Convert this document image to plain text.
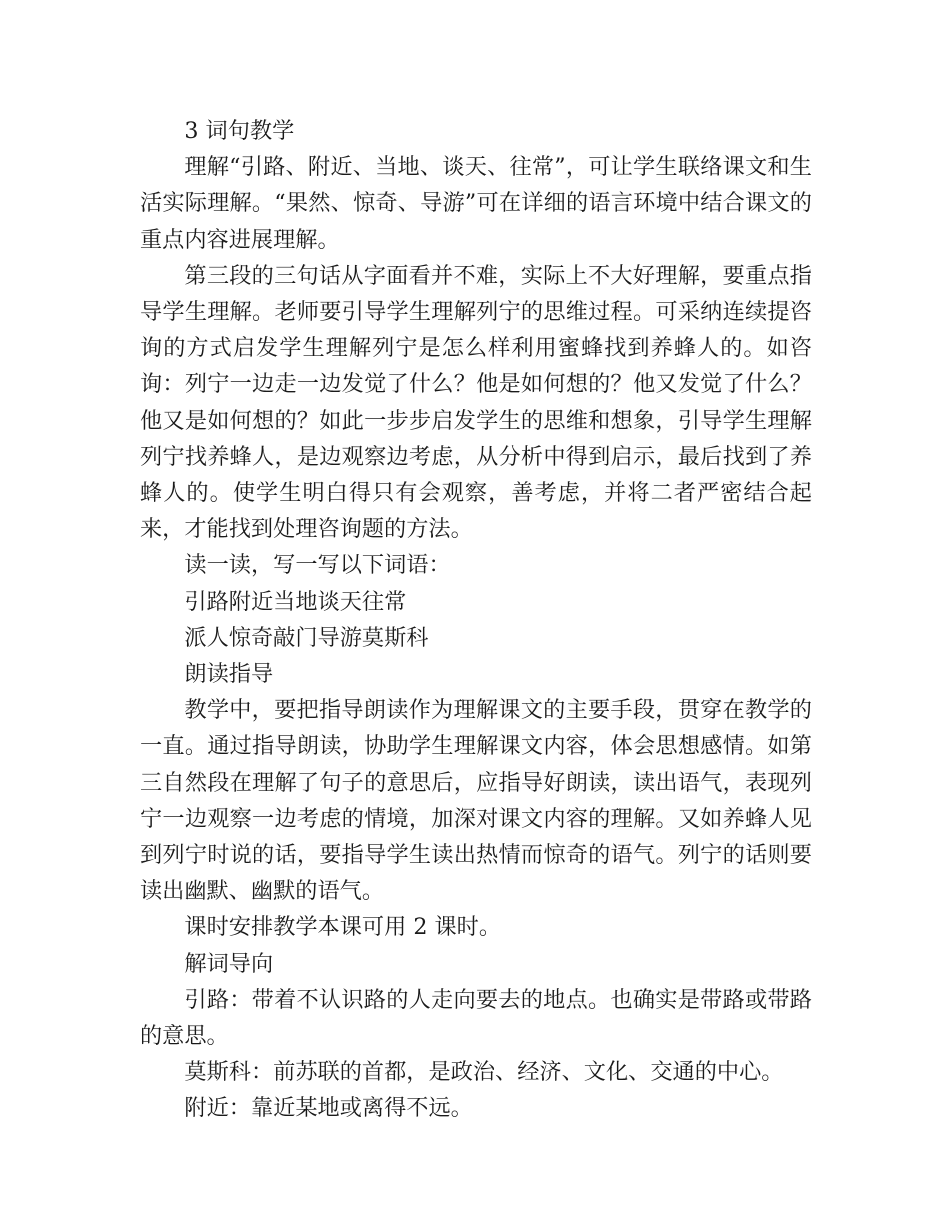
3 词句教学

理解“引路、附近、当地、谈天、往常”，可让学生联络课文和生活实际理解。“果然、惊奇、导游”可在详细的语言环境中结合课文的重点内容进展理解。

第三段的三句话从字面看并不难，实际上不大好理解，要重点指导学生理解。老师要引导学生理解列宁的思维过程。可采纳连续提咨询的方式启发学生理解列宁是怎么样利用蜜蜂找到养蜂人的。如咨询：列宁一边走一边发觉了什么？他是如何想的？他又发觉了什么？他又是如何想的？如此一步步启发学生的思维和想象，引导学生理解列宁找养蜂人，是边观察边考虑，从分析中得到启示，最后找到了养蜂人的。使学生明白得只有会观察，善考虑，并将二者严密结合起来，才能找到处理咨询题的方法。

读一读，写一写以下词语：

引路附近当地谈天往常

派人惊奇敲门导游莫斯科

朗读指导

教学中，要把指导朗读作为理解课文的主要手段，贯穿在教学的一直。通过指导朗读，协助学生理解课文内容，体会思想感情。如第三自然段在理解了句子的意思后，应指导好朗读，读出语气，表现列宁一边观察一边考虑的情境，加深对课文内容的理解。又如养蜂人见到列宁时说的话，要指导学生读出热情而惊奇的语气。列宁的话则要读出幽默、幽默的语气。

课时安排教学本课可用 2 课时。

解词导向

引路：带着不认识路的人走向要去的地点。也确实是带路或带路的意思。

莫斯科：前苏联的首都，是政治、经济、文化、交通的中心。

附近：靠近某地或离得不远。
